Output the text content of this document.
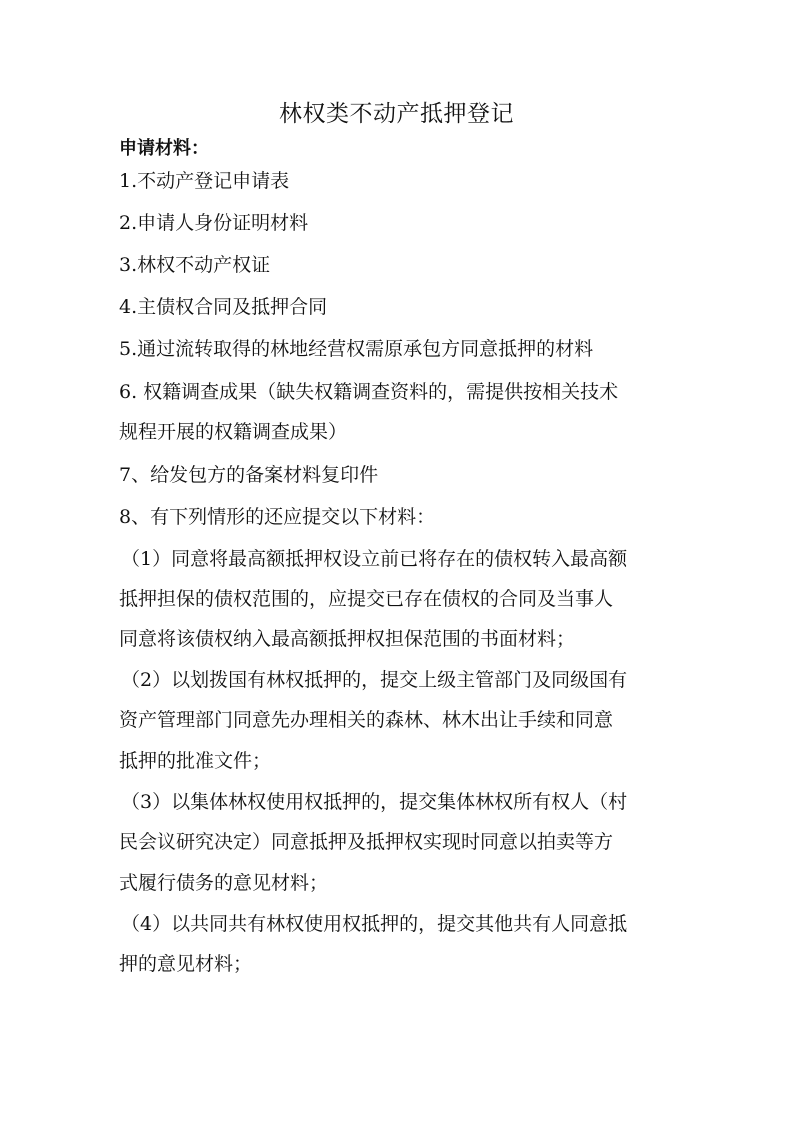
林权类不动产抵押登记
申请材料：
1.不动产登记申请表
2.申请人身份证明材料
3.林权不动产权证
4.主债权合同及抵押合同
5.通过流转取得的林地经营权需原承包方同意抵押的材料
6. 权籍调查成果（缺失权籍调查资料的，需提供按相关技术
规程开展的权籍调查成果）
7、给发包方的备案材料复印件
8、有下列情形的还应提交以下材料：
（1）同意将最高额抵押权设立前已将存在的债权转入最高额
抵押担保的债权范围的，应提交已存在债权的合同及当事人
同意将该债权纳入最高额抵押权担保范围的书面材料；
（2）以划拨国有林权抵押的，提交上级主管部门及同级国有
资产管理部门同意先办理相关的森林、林木出让手续和同意
抵押的批准文件；
（3）以集体林权使用权抵押的，提交集体林权所有权人（村
民会议研究决定）同意抵押及抵押权实现时同意以拍卖等方
式履行债务的意见材料；
（4）以共同共有林权使用权抵押的，提交其他共有人同意抵
押的意见材料；
